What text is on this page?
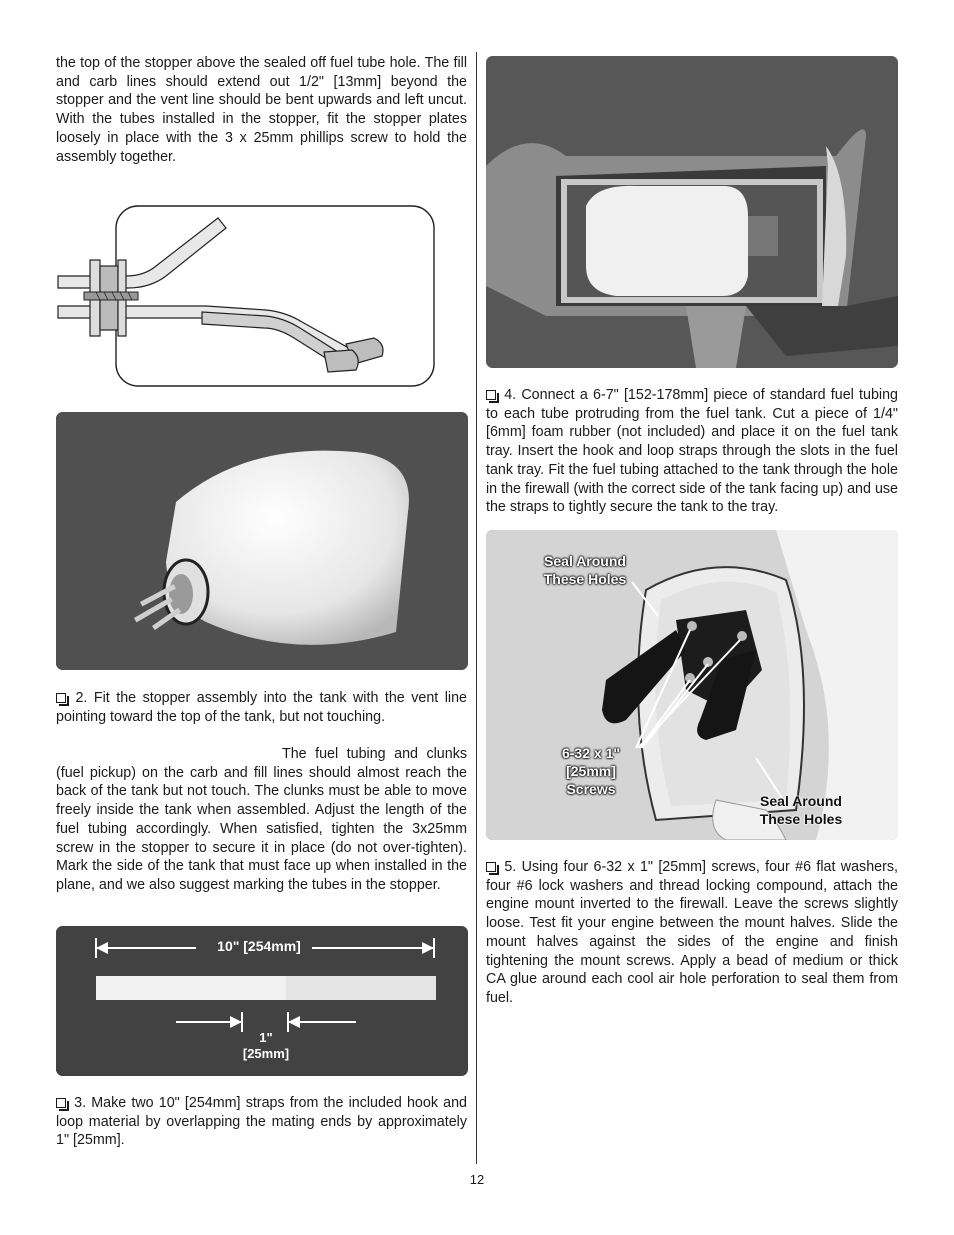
the top of the stopper above the sealed off fuel tube hole. The fill and carb lines should extend out 1/2" [13mm] beyond the stopper and the vent line should be bent upwards and left uncut. With the tubes installed in the stopper, fit the stopper plates loosely in place with the 3 x 25mm phillips screw to hold the assembly together.

2. Fit the stopper assembly into the tank with the vent line pointing toward the top of the tank, but not touching.

The fuel tubing and clunks (fuel pickup) on the carb and fill lines should almost reach the back of the tank but not touch. The clunks must be able to move freely inside the tank when assembled. Adjust the length of the fuel tubing accordingly. When satisfied, tighten the 3x25mm screw in the stopper to secure it in place (do not over-tighten). Mark the side of the tank that must face up when installed in the plane, and we also suggest marking the tubes in the stopper.

10" [254mm]
1"
[25mm]

3. Make two 10" [254mm] straps from the included hook and loop material by overlapping the mating ends by approximately 1" [25mm].

4. Connect a 6-7" [152-178mm] piece of standard fuel tubing to each tube protruding from the fuel tank. Cut a piece of 1/4" [6mm] foam rubber (not included) and place it on the fuel tank tray. Insert the hook and loop straps through the slots in the fuel tank tray. Fit the fuel tubing attached to the tank through the hole in the firewall (with the correct side of the tank facing up) and use the straps to tightly secure the tank to the tray.

Seal Around
These Holes
6-32 x 1"
[25mm]
Screws
Seal Around
These Holes

5. Using four 6-32 x 1" [25mm] screws, four #6 flat washers, four #6 lock washers and thread locking compound, attach the engine mount inverted to the firewall. Leave the screws slightly loose. Test fit your engine between the mount halves. Slide the mount halves against the sides of the engine and finish tightening the mount screws. Apply a bead of medium or thick CA glue around each cool air hole perforation to seal them from fuel.

12
